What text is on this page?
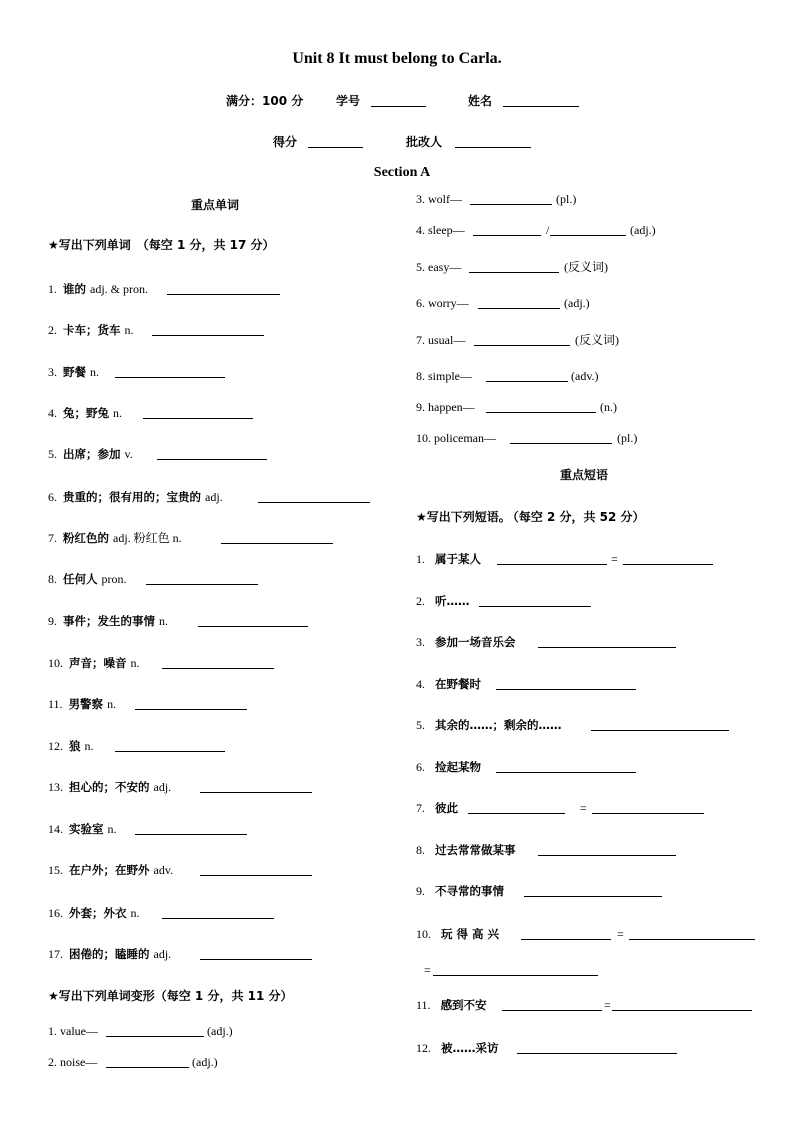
Unit 8 It must belong to Carla.
满分：100 分	学号	姓名
得分	批改人
Section A
重点单词
★写出下列单词 （每空 1 分，共 17 分）
1. 谁的 adj. & pron.
2. 卡车；货车 n.
3. 野餐 n.
4. 兔；野兔 n.
5. 出席；参加 v.
6. 贵重的；很有用的；宝贵的 adj.
7. 粉红色的 adj. 粉红色 n.
8. 任何人 pron.
9. 事件；发生的事情 n.
10. 声音；噪音 n.
11. 男警察 n.
12. 狼 n.
13. 担心的；不安的 adj.
14. 实验室 n.
15. 在户外；在野外 adv.
16. 外套；外衣 n.
17. 困倦的；瞌睡的 adj.
★写出下列单词变形（每空 1 分，共 11 分）
1. value—	(adj.)
2. noise—	(adj.)
3. wolf—	(pl.)
4. sleep—	/	(adj.)
5. easy—	(反义词)
6. worry—	(adj.)
7. usual—	(反义词)
8. simple—	(adv.)
9. happen—	(n.)
10. policeman—	(pl.)
重点短语
★写出下列短语。 （每空 2 分，共 52 分）
1. 属于某人	=
2. 听……
3. 参加一场音乐会
4. 在野餐时
5. 其余的……；剩余的……
6. 捡起某物
7. 彼此	=
8. 过去常常做某事
9. 不寻常的事情
10. 玩 得 高 兴	=
=
11. 感到不安	=
12. 被……采访
